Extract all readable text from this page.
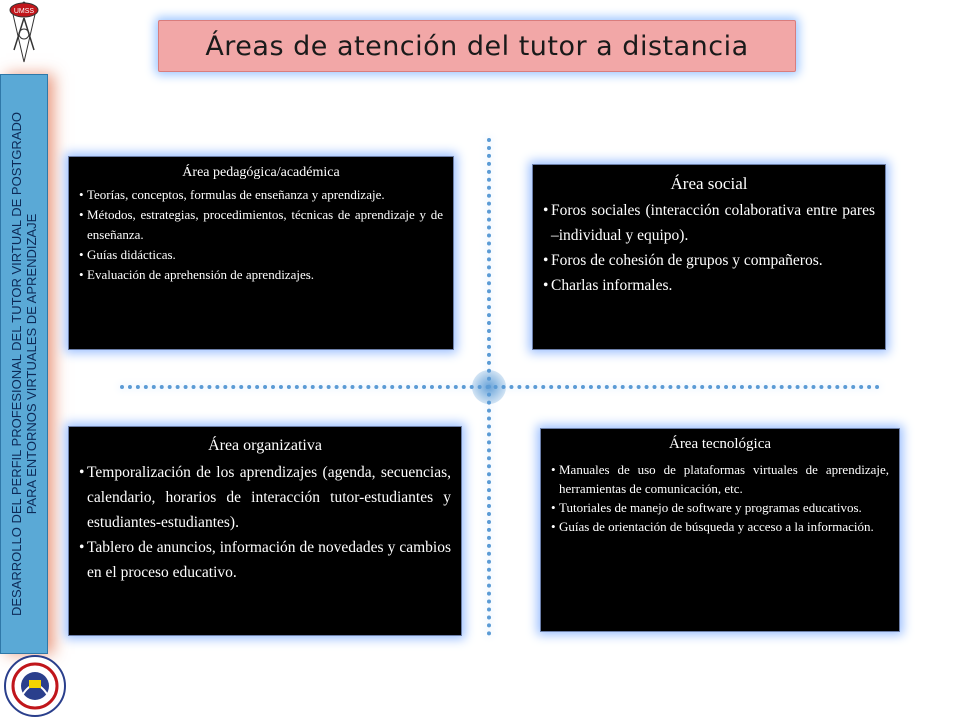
UMSS
DESARROLLO DEL PERFIL PROFESIONAL DEL TUTOR VIRTUAL DE POSTGRADO PARA ENTORNOS VIRTUALES DE APRENDIZAJE
Áreas de atención del tutor a distancia
Área pedagógica/académica
• Teorías, conceptos, formulas de enseñanza y aprendizaje.
• Métodos, estrategias, procedimientos, técnicas de aprendizaje y de enseñanza.
• Guías didácticas.
• Evaluación de aprehensión de aprendizajes.
Área social
• Foros sociales (interacción colaborativa entre pares –individual y equipo).
• Foros de cohesión de grupos y compañeros.
• Charlas informales.
Área organizativa
• Temporalización de los aprendizajes (agenda, secuencias, calendario, horarios de interacción tutor-estudiantes y estudiantes-estudiantes).
• Tablero de anuncios, información de novedades y cambios en el proceso educativo.
Área tecnológica
• Manuales de uso de plataformas virtuales de aprendizaje, herramientas de comunicación, etc.
• Tutoriales de manejo de software y programas educativos.
• Guías de orientación de búsqueda y acceso a la información.
